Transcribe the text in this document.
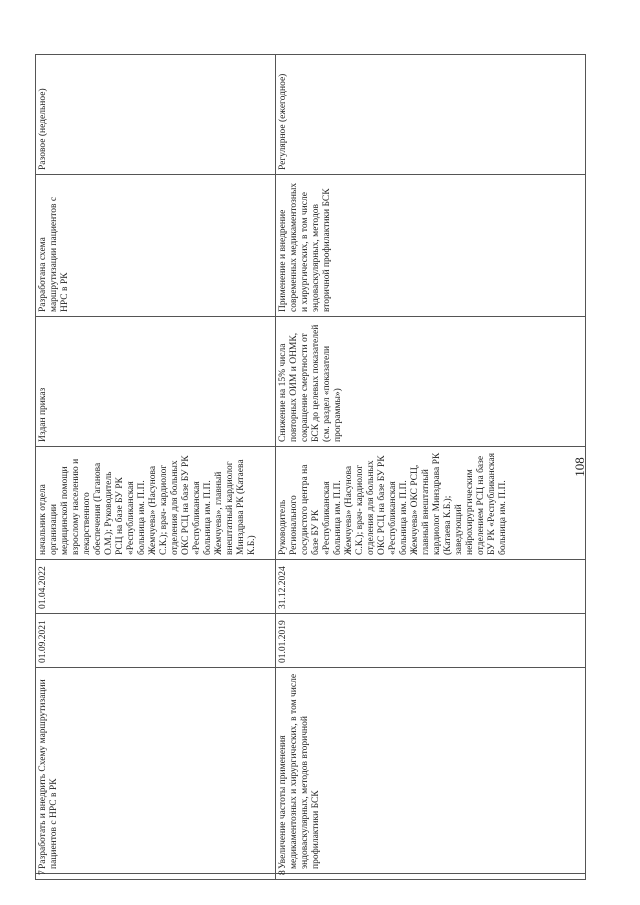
7	Разработать и внедрить Схему маршрутизации пациентов с НРС в РК	01.09.2021	01.04.2022	начальник отдела организации медицинской помощи взрослому населению и лекарственного обеспечения (Гаганова О.М.); Руководитель РСЦ на базе БУ РК «Республиканская больница им. П.П. Жемчуева» (Насунова С.К.); врач- кардиолог отделения для больных ОКС РСЦ на базе БУ РК «Республиканская больница им. П.П. Жемчуева», главный внештатный кардиолог Минздрава РК (Катаева К.Б.)	Издан приказ	Разработана схема маршрутизации пациентов с НРС в РК	Разовое (недельное)
8	Увеличение частоты применения медикаментозных и хирургических, в том числе эндоваскулярных, методов вторичной профилактики БСК	01.01.2019	31.12.2024	Руководитель Регионального сосудистого центра на базе БУ РК «Республиканская больница им. П.П. Жемчуева» (Насунова С.К.); врач- кардиолог отделения для больных ОКС РСЦ на базе БУ РК «Республиканская больница им. П.П. Жемчуева» ОКС РСЦ, главный внештатный кардиолог Минздрава РК (Катаева К.Б.); заведующий нейрохирургическим отделением РСЦ на базе БУ РК «Республиканская больница им. П.П.	Снижение на 15% числа повторных ОИМ и ОНМК, сокращение смертности от БСК до целевых показателей (см. раздел «показатели программы»)	Применение и внедрение современных медикаментозных и хирургических, в том числе эндоваскулярных, методов вторичной профилактики БСК	Регулярное (ежегодное)
108
